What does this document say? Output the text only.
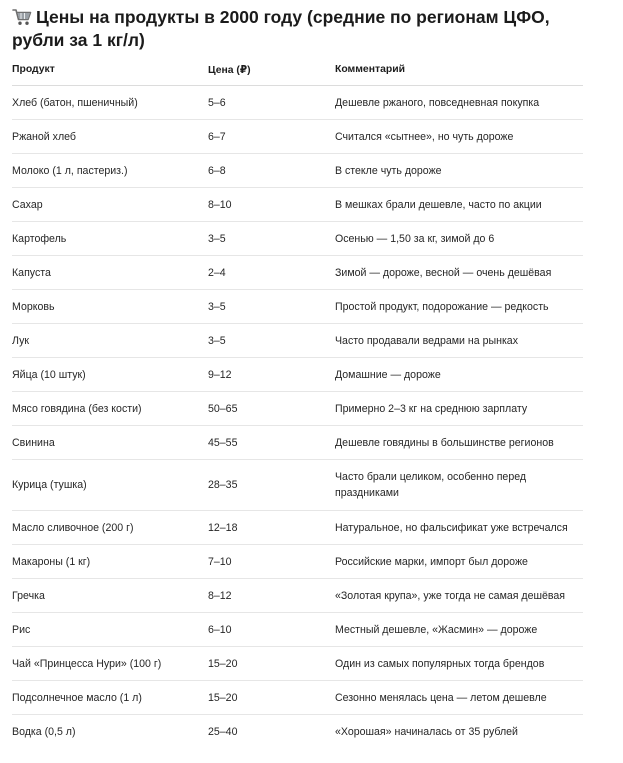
Цены на продукты в 2000 году (средние по регионам ЦФО, рубли за 1 кг/л)
Продукт	Цена (₽)	Комментарий
Хлеб (батон, пшеничный)	5–6	Дешевле ржаного, повседневная покупка
Ржаной хлеб	6–7	Считался «сытнее», но чуть дороже
Молоко (1 л, пастериз.)	6–8	В стекле чуть дороже
Сахар	8–10	В мешках брали дешевле, часто по акции
Картофель	3–5	Осенью — 1,50 за кг, зимой до 6
Капуста	2–4	Зимой — дороже, весной — очень дешёвая
Морковь	3–5	Простой продукт, подорожание — редкость
Лук	3–5	Часто продавали ведрами на рынках
Яйца (10 штук)	9–12	Домашние — дороже
Мясо говядина (без кости)	50–65	Примерно 2–3 кг на среднюю зарплату
Свинина	45–55	Дешевле говядины в большинстве регионов
Курица (тушка)	28–35	Часто брали целиком, особенно перед праздниками
Масло сливочное (200 г)	12–18	Натуральное, но фальсификат уже встречался
Макароны (1 кг)	7–10	Российские марки, импорт был дороже
Гречка	8–12	«Золотая крупа», уже тогда не самая дешёвая
Рис	6–10	Местный дешевле, «Жасмин» — дороже
Чай «Принцесса Нури» (100 г)	15–20	Один из самых популярных тогда брендов
Подсолнечное масло (1 л)	15–20	Сезонно менялась цена — летом дешевле
Водка (0,5 л)	25–40	«Хорошая» начиналась от 35 рублей
